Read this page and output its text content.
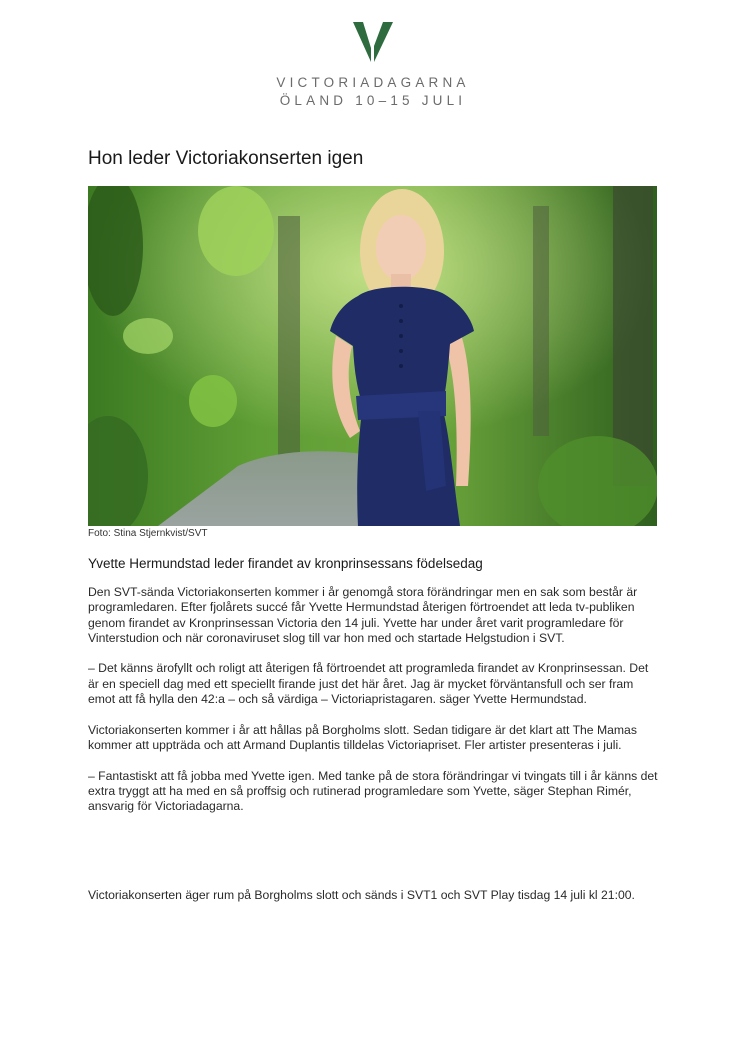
VICTORIADAGARNA
ÖLAND 10–15 JULI
Hon leder Victoriakonserten igen
Foto: Stina Stjernkvist/SVT
Yvette Hermundstad leder firandet av kronprinsessans födelsedag

Den SVT-sända Victoriakonserten kommer i år genomgå stora förändringar men en sak som består är programledaren. Efter fjolårets succé får Yvette Hermundstad återigen förtroendet att leda tv-publiken genom firandet av Kronprinsessan Victoria den 14 juli. Yvette har under året varit programledare för Vinterstudion och när coronaviruset slog till var hon med och startade Helgstudion i SVT.

– Det känns ärofyllt och roligt att återigen få förtroendet att programleda firandet av Kronprinsessan. Det är en speciell dag med ett speciellt firande just det här året. Jag är mycket förväntansfull och ser fram emot att få hylla den 42:a – och så värdiga – Victoriapristagaren. säger Yvette Hermundstad.

Victoriakonserten kommer i år att hållas på Borgholms slott. Sedan tidigare är det klart att The Mamas kommer att uppträda och att Armand Duplantis tilldelas Victoriapriset. Fler artister presenteras i juli.

– Fantastiskt att få jobba med Yvette igen. Med tanke på de stora förändringar vi tvingats till i år känns det extra tryggt att ha med en så proffsig och rutinerad programledare som Yvette, säger Stephan Rimér, ansvarig för Victoriadagarna.

Victoriakonserten äger rum på Borgholms slott och sänds i SVT1 och SVT Play tisdag 14 juli kl 21:00.
